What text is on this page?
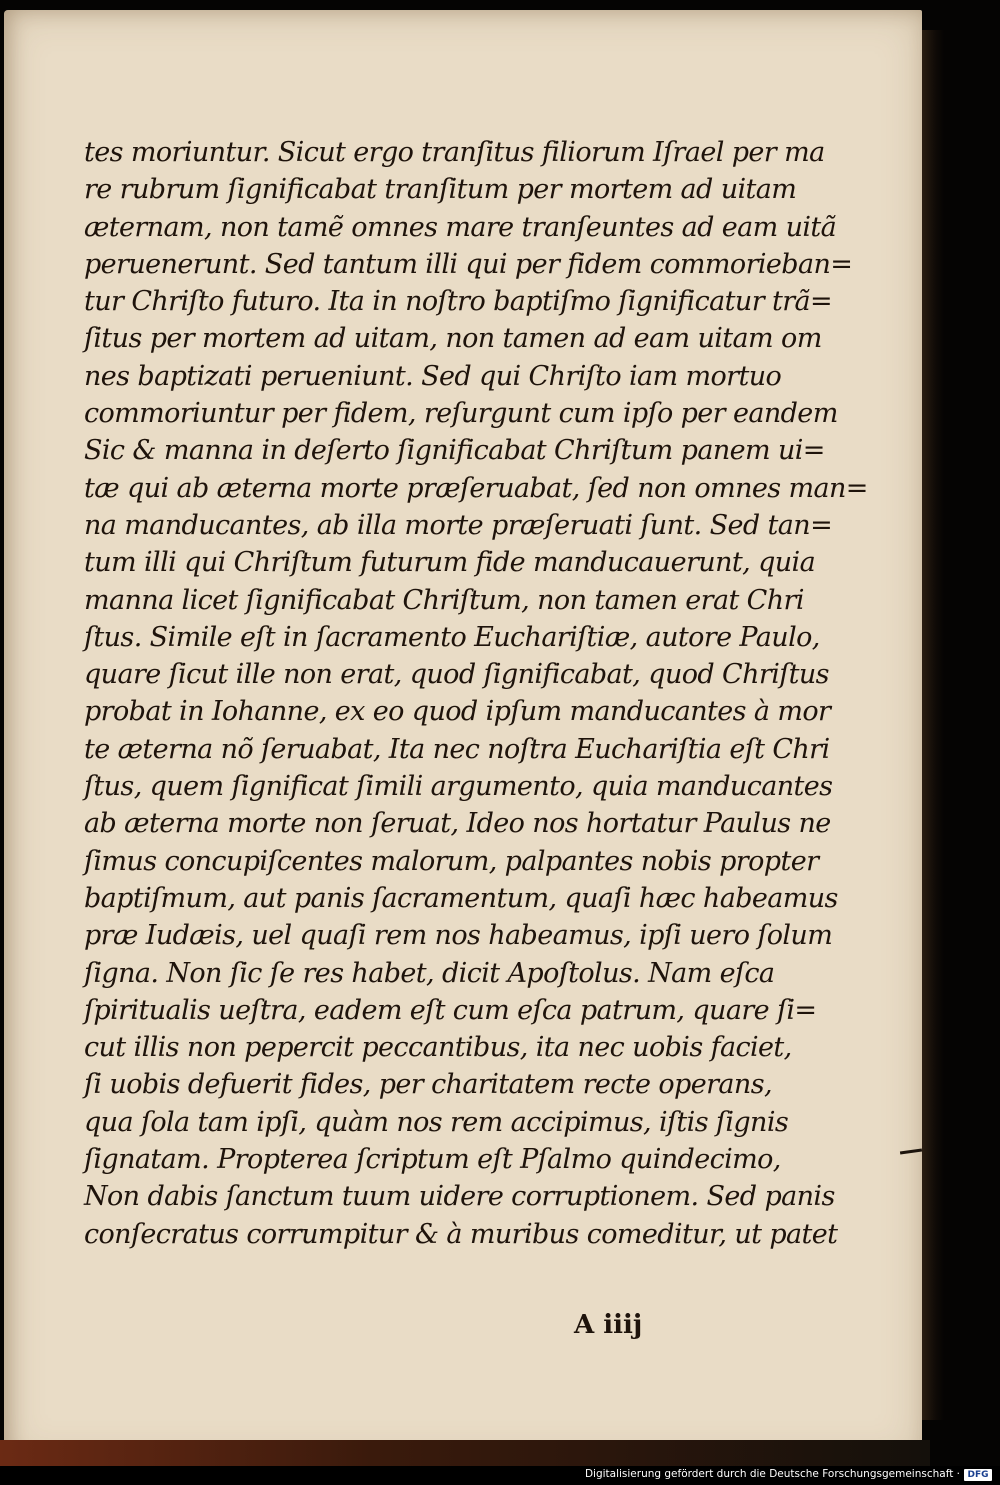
tes moriuntur. Sicut ergo tranſitus filiorum Iſrael per ma
re rubrum ſignificabat tranſitum per mortem ad uitam
æternam, non tamẽ omnes mare tranſeuntes ad eam uitã
peruenerunt. Sed tantum illi qui per fidem commorieban=
tur Chriſto futuro. Ita in noſtro baptiſmo ſignificatur trã=
ſitus per mortem ad uitam, non tamen ad eam uitam om
nes baptizati perueniunt. Sed qui Chriſto iam mortuo
commoriuntur per fidem, reſurgunt cum ipſo per eandem
Sic & manna in deſerto ſignificabat Chriſtum panem ui=
tæ qui ab æterna morte præſeruabat, ſed non omnes man=
na manducantes, ab illa morte præſeruati ſunt. Sed tan=
tum illi qui Chriſtum futurum fide manducauerunt, quia
manna licet ſignificabat Chriſtum, non tamen erat Chri
ſtus. Simile eſt in ſacramento Euchariſtiæ, autore Paulo,
quare ſicut ille non erat, quod ſignificabat, quod Chriſtus
probat in Iohanne, ex eo quod ipſum manducantes à mor
te æterna nõ ſeruabat, Ita nec noſtra Euchariſtia eſt Chri
ſtus, quem ſignificat ſimili argumento, quia manducantes
ab æterna morte non ſeruat, Ideo nos hortatur Paulus ne
ſimus concupiſcentes malorum, palpantes nobis propter
baptiſmum, aut panis ſacramentum, quaſi hæc habeamus
præ Iudæis, uel quaſi rem nos habeamus, ipſi uero ſolum
ſigna. Non ſic ſe res habet, dicit Apoſtolus. Nam eſca
ſpiritualis ueſtra, eadem eſt cum eſca patrum, quare ſi=
cut illis non pepercit peccantibus, ita nec uobis faciet,
ſi uobis defuerit fides, per charitatem recte operans,
qua ſola tam ipſi, quàm nos rem accipimus, iſtis ſignis
ſignatam. Propterea ſcriptum eſt Pſalmo quindecimo,
Non dabis ſanctum tuum uidere corruptionem. Sed panis
conſecratus corrumpitur & à muribus comeditur, ut patet
A iiij
Digitalisierung gefördert durch die Deutsche Forschungsgemeinschaft · DFG
